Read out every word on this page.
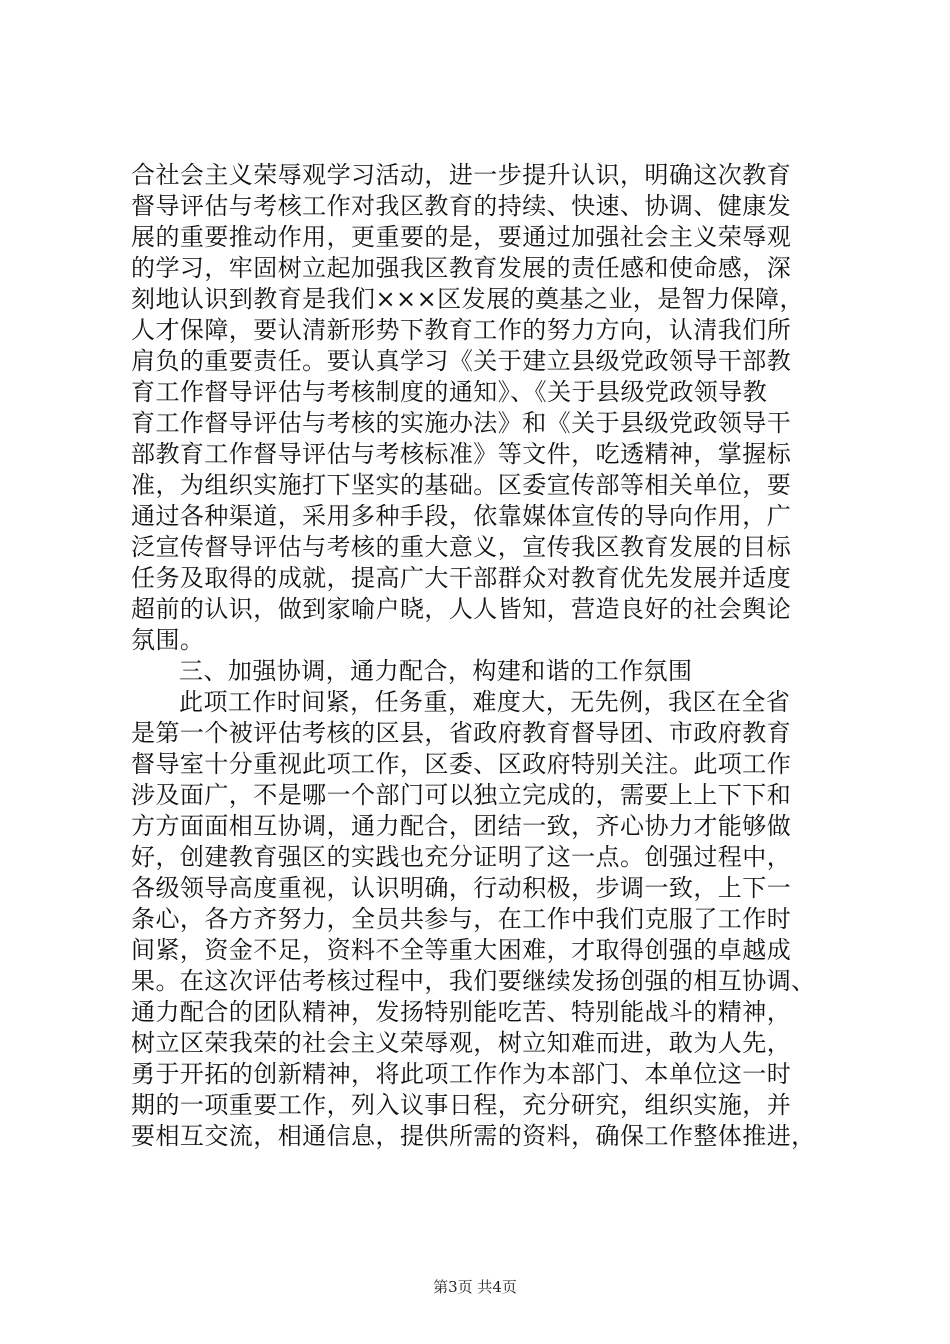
合社会主义荣辱观学习活动，进一步提升认识，明确这次教育
督导评估与考核工作对我区教育的持续、快速、协调、健康发
展的重要推动作用，更重要的是，要通过加强社会主义荣辱观
的学习，牢固树立起加强我区教育发展的责任感和使命感，深
刻地认识到教育是我们×××区发展的奠基之业，是智力保障，
人才保障，要认清新形势下教育工作的努力方向，认清我们所
肩负的重要责任。要认真学习《关于建立县级党政领导干部教
育工作督导评估与考核制度的通知》、《关于县级党政领导教
育工作督导评估与考核的实施办法》和《关于县级党政领导干
部教育工作督导评估与考核标准》等文件，吃透精神，掌握标
准，为组织实施打下坚实的基础。区委宣传部等相关单位，要
通过各种渠道，采用多种手段，依靠媒体宣传的导向作用，广
泛宣传督导评估与考核的重大意义，宣传我区教育发展的目标
任务及取得的成就，提高广大干部群众对教育优先发展并适度
超前的认识，做到家喻户晓，人人皆知，营造良好的社会舆论
氛围。
三、加强协调，通力配合，构建和谐的工作氛围
此项工作时间紧，任务重，难度大，无先例，我区在全省
是第一个被评估考核的区县，省政府教育督导团、市政府教育
督导室十分重视此项工作，区委、区政府特别关注。此项工作
涉及面广，不是哪一个部门可以独立完成的，需要上上下下和
方方面面相互协调，通力配合，团结一致，齐心协力才能够做
好，创建教育强区的实践也充分证明了这一点。创强过程中，
各级领导高度重视，认识明确，行动积极，步调一致，上下一
条心，各方齐努力，全员共参与，在工作中我们克服了工作时
间紧，资金不足，资料不全等重大困难，才取得创强的卓越成
果。在这次评估考核过程中，我们要继续发扬创强的相互协调、
通力配合的团队精神，发扬特别能吃苦、特别能战斗的精神，
树立区荣我荣的社会主义荣辱观，树立知难而进，敢为人先，
勇于开拓的创新精神，将此项工作作为本部门、本单位这一时
期的一项重要工作，列入议事日程，充分研究，组织实施，并
要相互交流，相通信息，提供所需的资料，确保工作整体推进，
第3页 共4页
